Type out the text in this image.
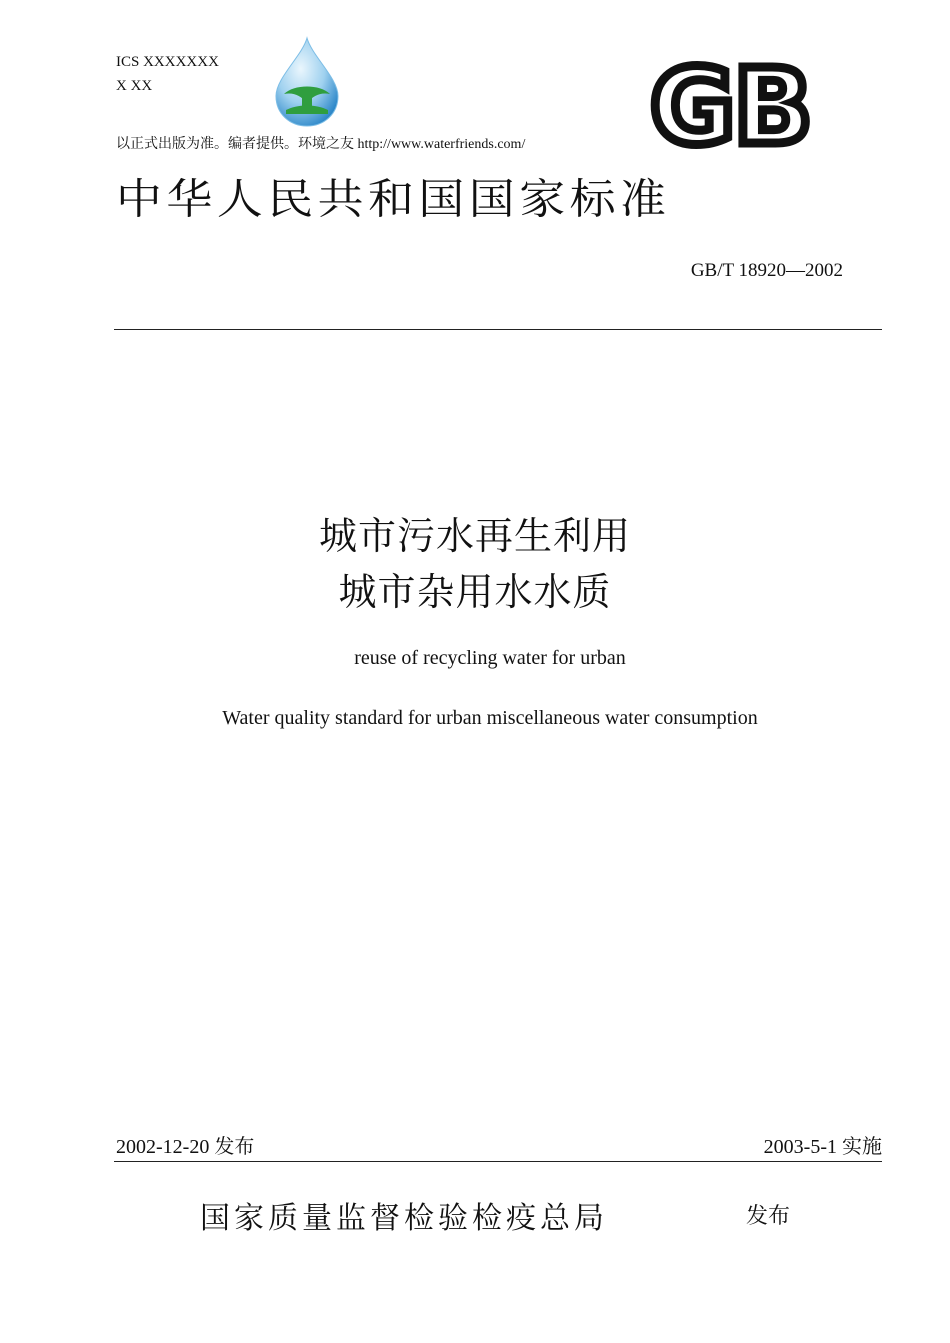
ICS XXXXXXX
X XX	GB
以正式出版为准。编者提供。环境之友 http://www.waterfriends.com/
中华人民共和国国家标准
GB/T 18920—2002
城市污水再生利用
城市杂用水水质
reuse of recycling water for urban
Water quality standard for urban miscellaneous water consumption
2002-12-20 发布	2003-5-1 实施
国家质量监督检验检疫总局	发布
